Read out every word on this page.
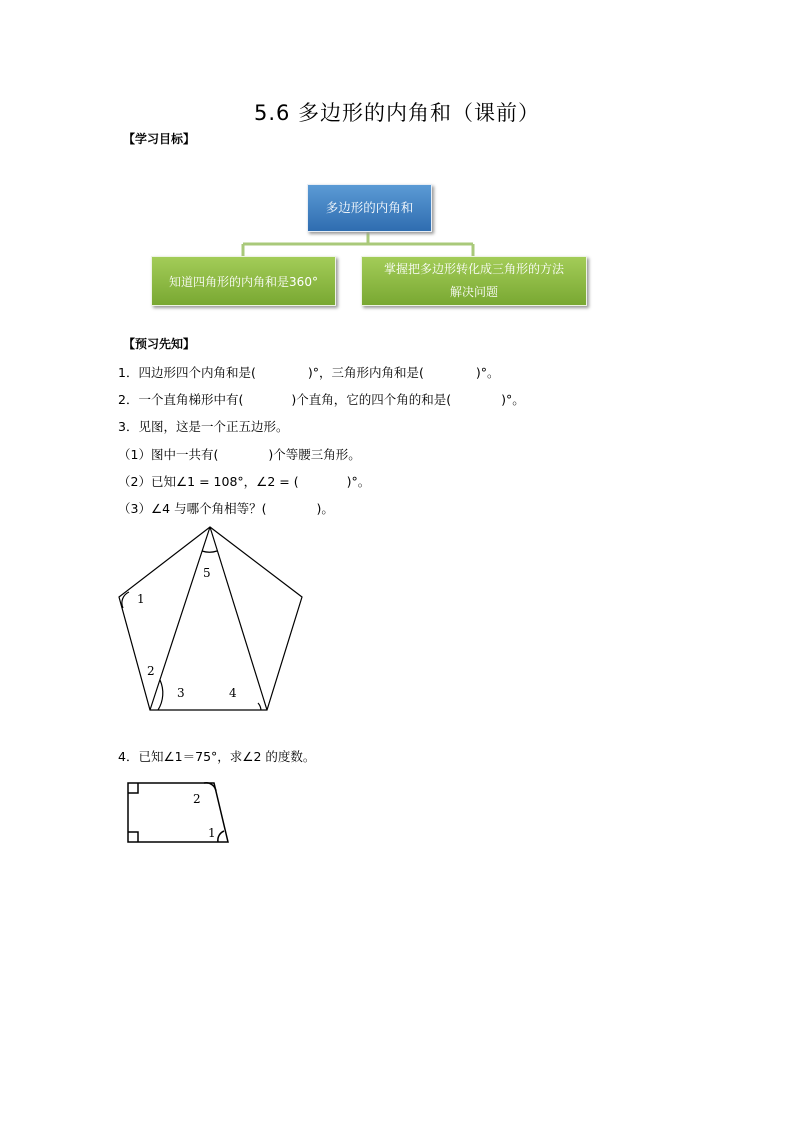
5.6 多边形的内角和（课前）
【学习目标】
多边形的内角和
知道四角形的内角和是360°
掌握把多边形转化成三角形的方法
解决问题
【预习先知】
1．四边形四个内角和是(	)°，三角形内角和是(	)°。
2．一个直角梯形中有(	)个直角，它的四个角的和是(	)°。
3．见图，这是一个正五边形。
（1）图中一共有(	)个等腰三角形。
（2）已知∠1 = 108°，∠2 = (	)°。
（3）∠4 与哪个角相等？(	)。
1
2
3	4
5
4．已知∠1＝75°，求∠2 的度数。
2
1
